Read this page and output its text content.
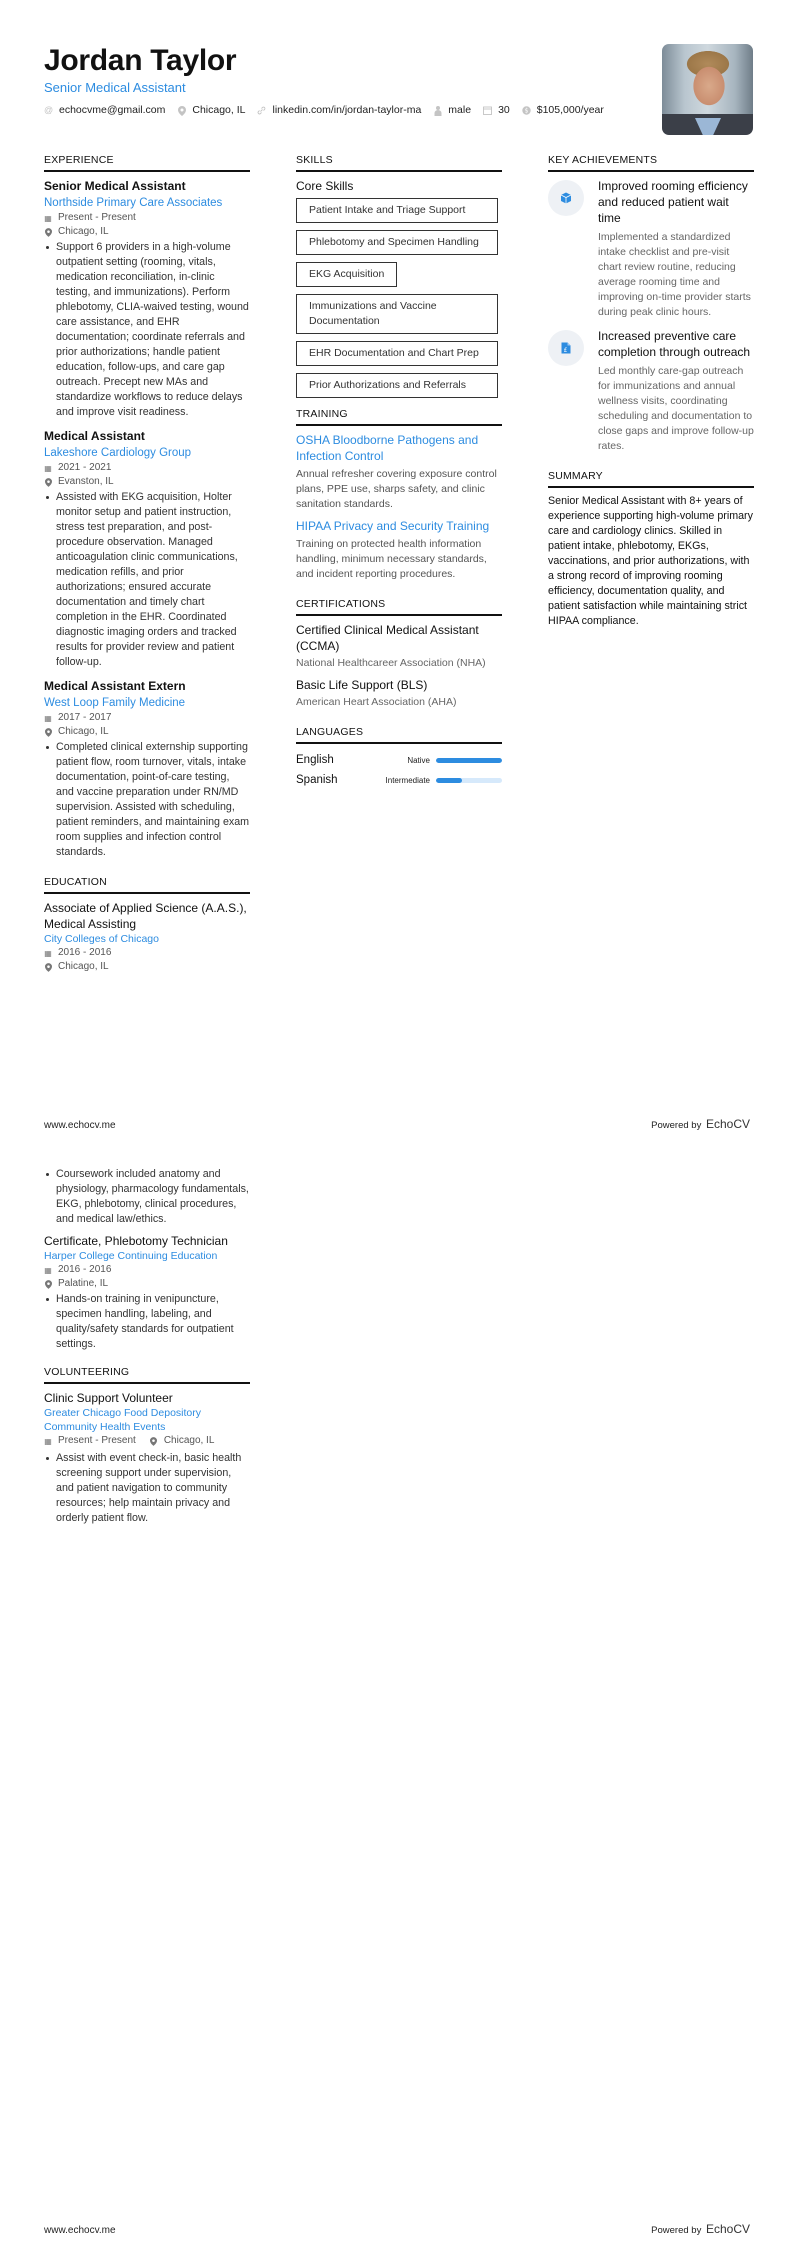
Jordan Taylor
Senior Medical Assistant
@ echocvme@gmail.com	Chicago, IL	linkedin.com/in/jordan-taylor-ma	male	30 $ $105,000/year
EXPERIENCE
Senior Medical Assistant
Northside Primary Care Associates
▦ Present - Present
Chicago, IL
Support 6 providers in a high-volume outpatient setting (rooming, vitals, medication reconciliation, in-clinic testing, and immunizations). Perform phlebotomy, CLIA-waived testing, wound care assistance, and EHR documentation; coordinate referrals and prior authorizations; handle patient education, follow-ups, and care gap outreach. Precept new MAs and standardize workflows to reduce delays and improve visit readiness.
Medical Assistant
Lakeshore Cardiology Group
▦ 2021 - 2021
Evanston, IL
Assisted with EKG acquisition, Holter monitor setup and patient instruction, stress test preparation, and post-procedure observation. Managed anticoagulation clinic communications, medication refills, and prior authorizations; ensured accurate documentation and timely chart completion in the EHR. Coordinated diagnostic imaging orders and tracked results for provider review and patient follow-up.
Medical Assistant Extern
West Loop Family Medicine
▦ 2017 - 2017
Chicago, IL
Completed clinical externship supporting patient flow, room turnover, vitals, intake documentation, point-of-care testing, and vaccine preparation under RN/MD supervision. Assisted with scheduling, patient reminders, and maintaining exam room supplies and infection control standards.
EDUCATION
Associate of Applied Science (A.A.S.), Medical Assisting
City Colleges of Chicago
▦ 2016 - 2016
Chicago, IL
SKILLS
Core Skills
Patient Intake and Triage Support
Phlebotomy and Specimen Handling
EKG Acquisition
Immunizations and Vaccine Documentation
EHR Documentation and Chart Prep
Prior Authorizations and Referrals
TRAINING
OSHA Bloodborne Pathogens and Infection Control
Annual refresher covering exposure control plans, PPE use, sharps safety, and clinic sanitation standards.
HIPAA Privacy and Security Training
Training on protected health information handling, minimum necessary standards, and incident reporting procedures.
CERTIFICATIONS
Certified Clinical Medical Assistant (CCMA)
National Healthcareer Association (NHA)
Basic Life Support (BLS)
American Heart Association (AHA)
LANGUAGES
English	Native
Spanish	Intermediate
KEY ACHIEVEMENTS
Improved rooming efficiency and reduced patient wait time
Implemented a standardized intake checklist and pre-visit chart review routine, reducing average rooming time and improving on-time provider starts during peak clinic hours.
£
Increased preventive care completion through outreach
Led monthly care-gap outreach for immunizations and annual wellness visits, coordinating scheduling and documentation to close gaps and improve follow-up rates.
SUMMARY
Senior Medical Assistant with 8+ years of experience supporting high-volume primary care and cardiology clinics. Skilled in patient intake, phlebotomy, EKGs, vaccinations, and prior authorizations, with a strong record of improving rooming efficiency, documentation quality, and patient satisfaction while maintaining strict HIPAA compliance.
www.echocv.me	Powered by EchoCV
Coursework included anatomy and physiology, pharmacology fundamentals, EKG, phlebotomy, clinical procedures, and medical law/ethics.
Certificate, Phlebotomy Technician
Harper College Continuing Education
▦ 2016 - 2016
Palatine, IL
Hands-on training in venipuncture, specimen handling, labeling, and quality/safety standards for outpatient settings.
VOLUNTEERING
Clinic Support Volunteer
Greater Chicago Food Depository Community Health Events
▦ Present - Present	Chicago, IL
Assist with event check-in, basic health screening support under supervision, and patient navigation to community resources; help maintain privacy and orderly patient flow.
www.echocv.me	Powered by EchoCV
